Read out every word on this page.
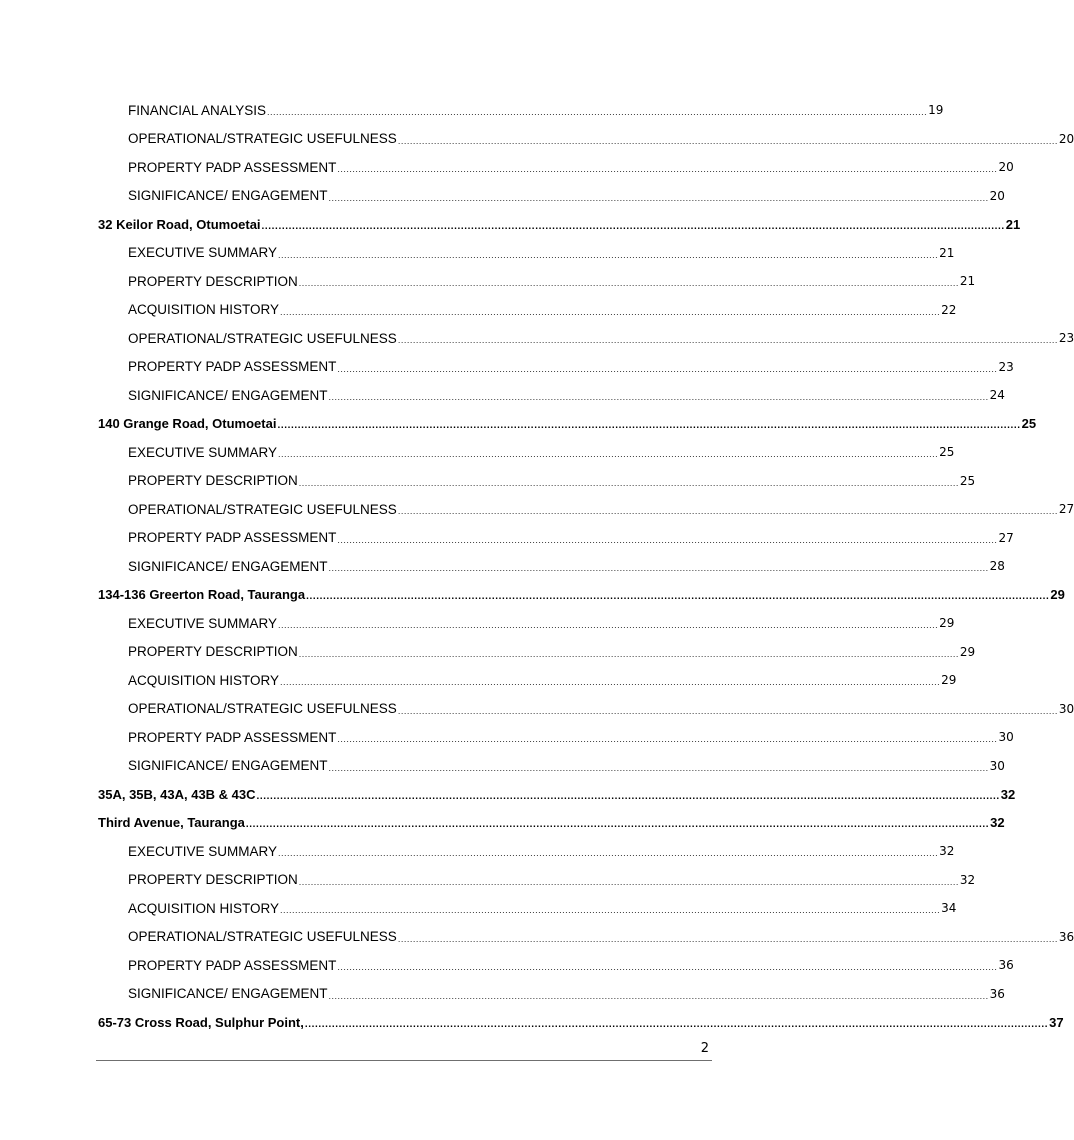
FINANCIAL ANALYSIS ............................................................................................................................................................................................................................ 19
OPERATIONAL/STRATEGIC USEFULNESS ............................................................................................................................................................................................................................ 20
PROPERTY PADP ASSESSMENT ............................................................................................................................................................................................................................ 20
SIGNIFICANCE/ ENGAGEMENT ............................................................................................................................................................................................................................ 20
32 Keilor Road, Otumoetai ............................................................................................................................................................................................................................ 21
EXECUTIVE SUMMARY ............................................................................................................................................................................................................................ 21
PROPERTY DESCRIPTION ............................................................................................................................................................................................................................ 21
ACQUISITION HISTORY ............................................................................................................................................................................................................................ 22
OPERATIONAL/STRATEGIC USEFULNESS ............................................................................................................................................................................................................................ 23
PROPERTY PADP ASSESSMENT ............................................................................................................................................................................................................................ 23
SIGNIFICANCE/ ENGAGEMENT ............................................................................................................................................................................................................................ 24
140 Grange Road, Otumoetai ............................................................................................................................................................................................................................ 25
EXECUTIVE SUMMARY ............................................................................................................................................................................................................................ 25
PROPERTY DESCRIPTION ............................................................................................................................................................................................................................ 25
OPERATIONAL/STRATEGIC USEFULNESS ............................................................................................................................................................................................................................ 27
PROPERTY PADP ASSESSMENT ............................................................................................................................................................................................................................ 27
SIGNIFICANCE/ ENGAGEMENT ............................................................................................................................................................................................................................ 28
134-136 Greerton Road, Tauranga ............................................................................................................................................................................................................................ 29
EXECUTIVE SUMMARY ............................................................................................................................................................................................................................ 29
PROPERTY DESCRIPTION ............................................................................................................................................................................................................................ 29
ACQUISITION HISTORY ............................................................................................................................................................................................................................ 29
OPERATIONAL/STRATEGIC USEFULNESS ............................................................................................................................................................................................................................ 30
PROPERTY PADP ASSESSMENT ............................................................................................................................................................................................................................ 30
SIGNIFICANCE/ ENGAGEMENT ............................................................................................................................................................................................................................ 30
35A, 35B, 43A, 43B & 43C ............................................................................................................................................................................................................................ 32
Third Avenue, Tauranga ............................................................................................................................................................................................................................ 32
EXECUTIVE SUMMARY ............................................................................................................................................................................................................................ 32
PROPERTY DESCRIPTION ............................................................................................................................................................................................................................ 32
ACQUISITION HISTORY ............................................................................................................................................................................................................................ 34
OPERATIONAL/STRATEGIC USEFULNESS ............................................................................................................................................................................................................................ 36
PROPERTY PADP ASSESSMENT ............................................................................................................................................................................................................................ 36
SIGNIFICANCE/ ENGAGEMENT ............................................................................................................................................................................................................................ 36
65-73 Cross Road, Sulphur Point, ............................................................................................................................................................................................................................ 37
2
